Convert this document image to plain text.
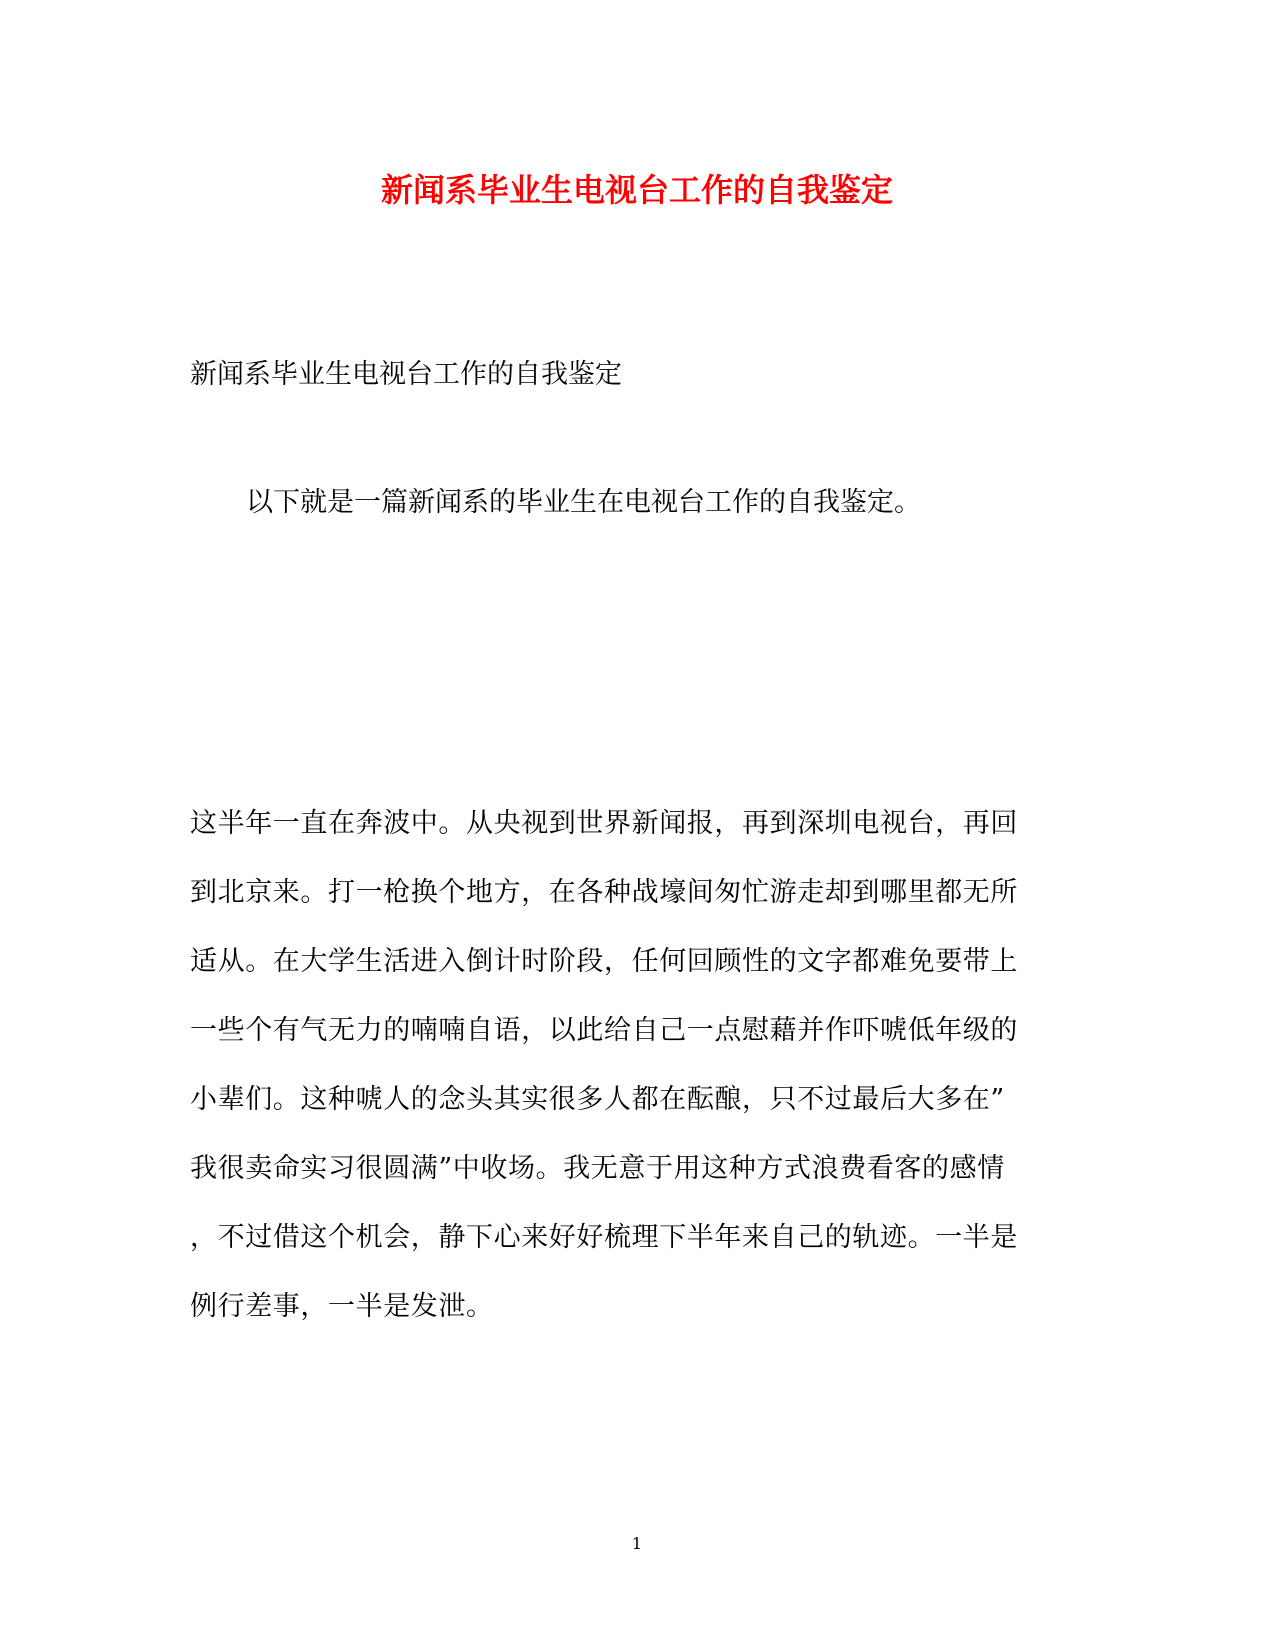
新闻系毕业生电视台工作的自我鉴定
新闻系毕业生电视台工作的自我鉴定
以下就是一篇新闻系的毕业生在电视台工作的自我鉴定。
这半年一直在奔波中。从央视到世界新闻报，再到深圳电视台，再回
到北京来。打一枪换个地方，在各种战壕间匆忙游走却到哪里都无所
适从。在大学生活进入倒计时阶段，任何回顾性的文字都难免要带上
一些个有气无力的喃喃自语，以此给自己一点慰藉并作吓唬低年级的
小辈们。这种唬人的念头其实很多人都在酝酿，只不过最后大多在”
我很卖命实习很圆满”中收场。我无意于用这种方式浪费看客的感情
，不过借这个机会，静下心来好好梳理下半年来自己的轨迹。一半是
例行差事，一半是发泄。
1
